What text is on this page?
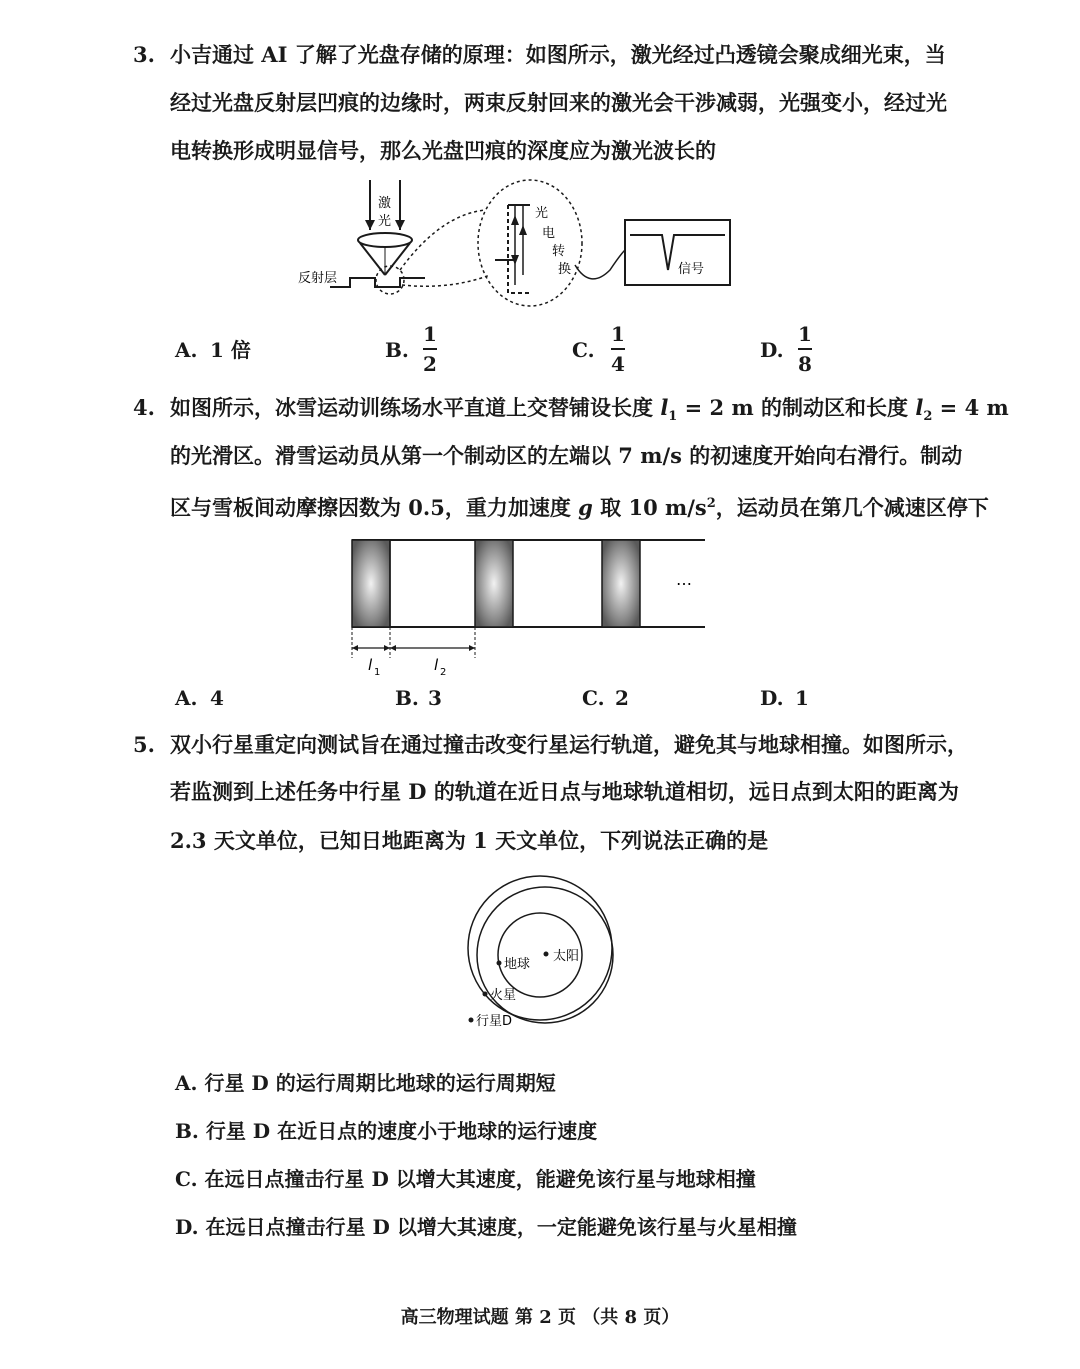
3. 小吉通过 AI 了解了光盘存储的原理：如图所示，激光经过凸透镜会聚成细光束，当
经过光盘反射层凹痕的边缘时，两束反射回来的激光会干涉减弱，光强变小，经过光
电转换形成明显信号，那么光盘凹痕的深度应为激光波长的
激
光
反射层
光
电
转
换	信号
A. 1 倍	B.
1
2
C.
1
4
D.
1
8
4. 如图所示，冰雪运动训练场水平直道上交替铺设长度 $l_1 = 2$ m 的制动区和长度 $l_2 = 4$ m
的光滑区。滑雪运动员从第一个制动区的左端以 7 m/s 的初速度开始向右滑行。制动
区与雪板间动摩擦因数为 0.5，重力加速度 g 取 10 $m/s^2$，运动员在第几个减速区停下
…
l 1	l 2
A. 4	B. 3	C. 2	D. 1
5. 双小行星重定向测试旨在通过撞击改变行星运行轨道，避免其与地球相撞。如图所示，
若监测到上述任务中行星 D 的轨道在近日点与地球轨道相切，远日点到太阳的距离为
2.3 天文单位，已知日地距离为 1 天文单位，下列说法正确的是
太阳
地球
火星
行星D
A. 行星 D 的运行周期比地球的运行周期短
B. 行星 D 在近日点的速度小于地球的运行速度
C. 在远日点撞击行星 D 以增大其速度，能避免该行星与地球相撞
D. 在远日点撞击行星 D 以增大其速度，一定能避免该行星与火星相撞
高三物理试题 第 2 页 （共 8 页）
